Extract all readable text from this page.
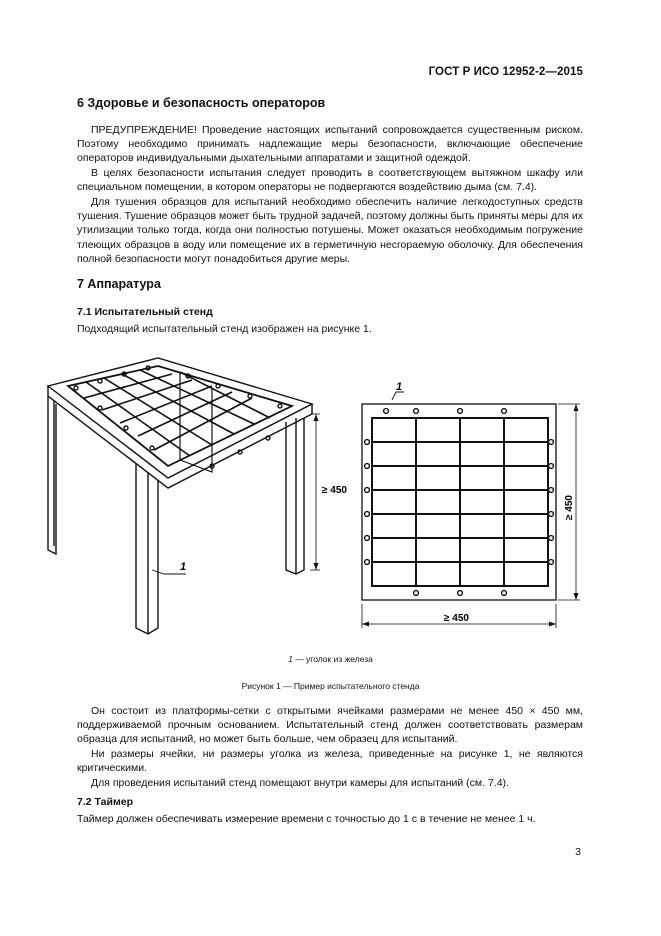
ГОСТ Р ИСО 12952-2—2015
6 Здоровье и безопасность операторов

ПРЕДУПРЕЖДЕНИЕ! Проведение настоящих испытаний сопровождается существенным риском. Поэтому необходимо принимать надлежащие меры безопасности, включающие обеспечение операторов индивидуальными дыхательными аппаратами и защитной одеждой.

В целях безопасности испытания следует проводить в соответствующем вытяжном шкафу или специальном помещении, в котором операторы не подвергаются воздействию дыма (см. 7.4).

Для тушения образцов для испытаний необходимо обеспечить наличие легкодоступных средств тушения. Тушение образцов может быть трудной задачей, поэтому должны быть приняты меры для их утилизации только тогда, когда они полностью потушены. Может оказаться необходимым погружение тлеющих образцов в воду или помещение их в герметичную несгораемую оболочку. Для обеспечения полной безопасности могут понадобиться другие меры.

7 Аппаратура
7.1 Испытательный стенд

Подходящий испытательный стенд изображен на рисунке 1.

1
1
≥ 450
≥ 450
≥ 450
1 — уголок из железа
Рисунок 1 — Пример испытательного стенда

Он состоит из платформы-сетки с открытыми ячейками размерами не менее 450 × 450 мм, поддерживаемой прочным основанием. Испытательный стенд должен соответствовать размерам образца для испытаний, но может быть больше, чем образец для испытаний.

Ни размеры ячейки, ни размеры уголка из железа, приведенные на рисунке 1, не являются критическими.

Для проведения испытаний стенд помещают внутри камеры для испытаний (см. 7.4).

7.2 Таймер

Таймер должен обеспечивать измерение времени с точностью до 1 с в течение не менее 1 ч.

3
